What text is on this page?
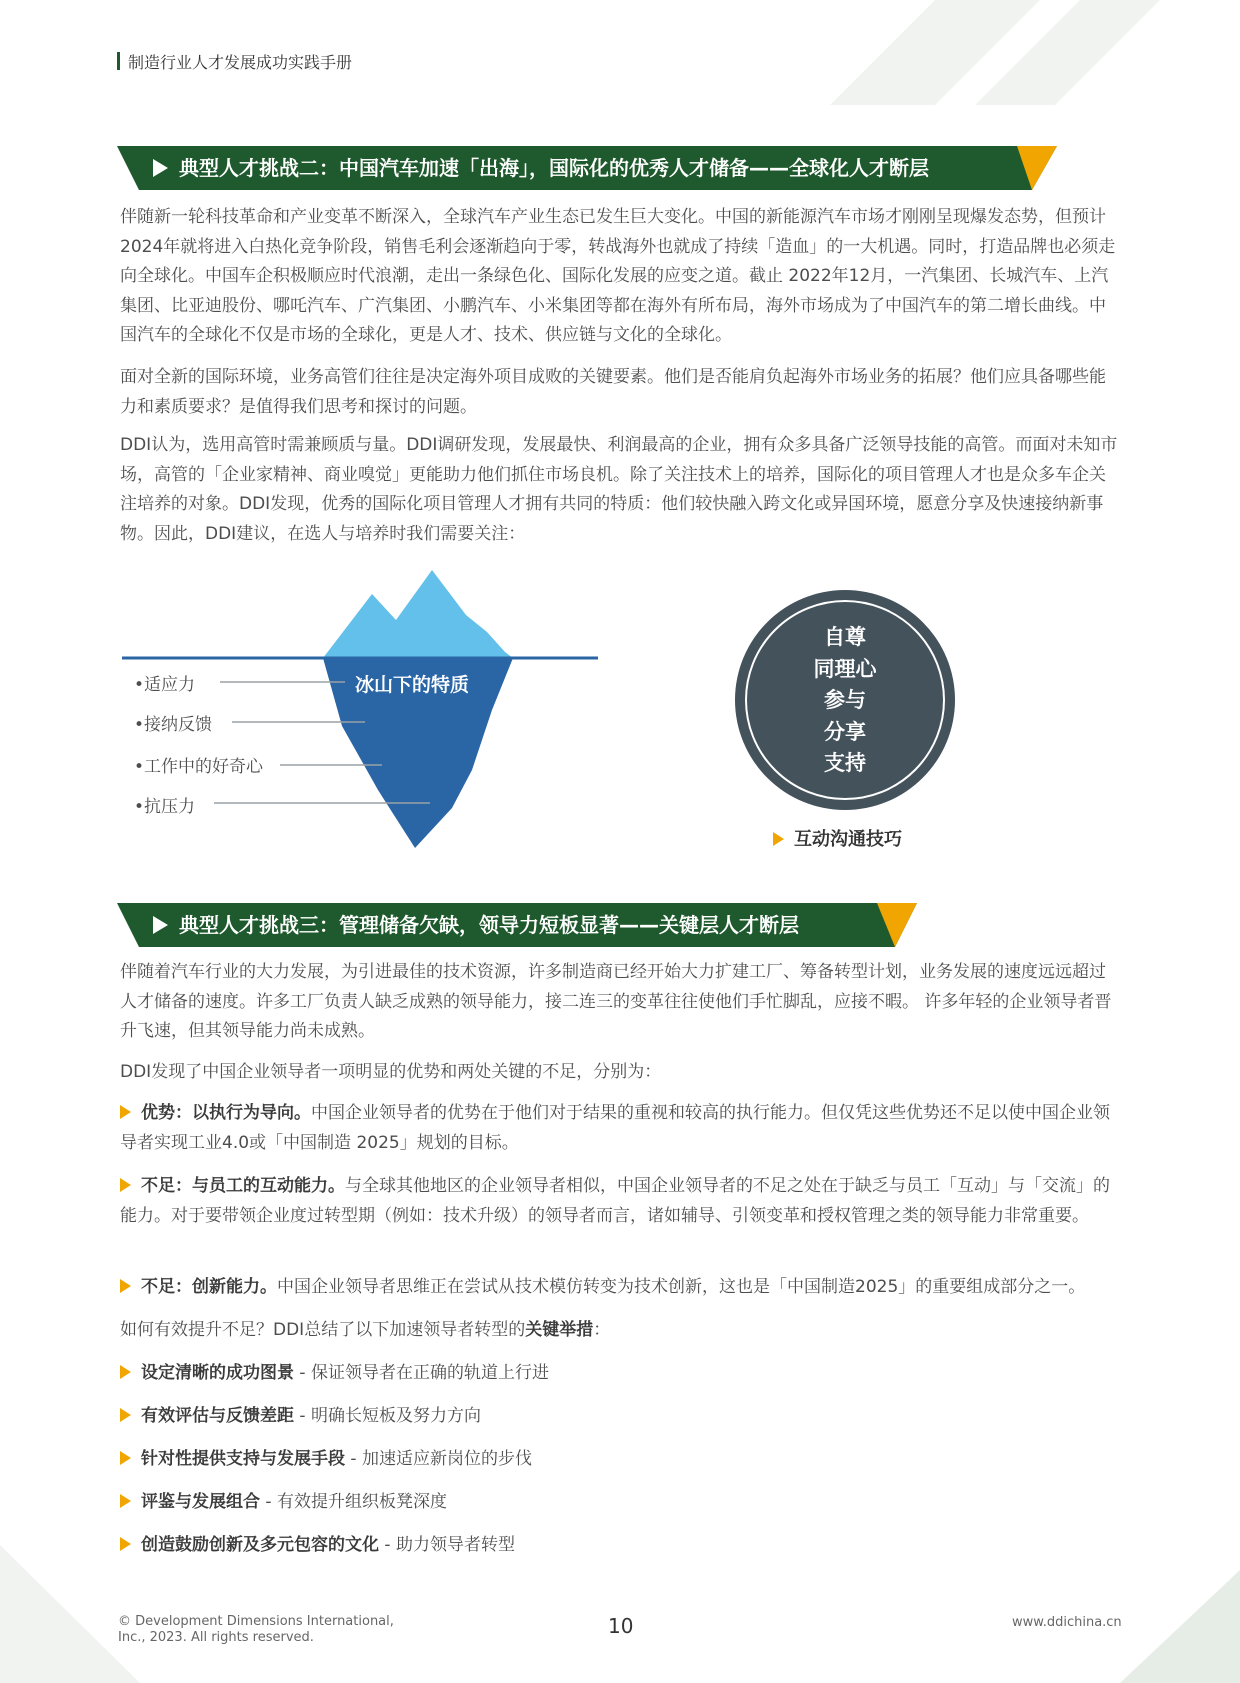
制造行业人才发展成功实践手册
典型人才挑战二：中国汽车加速「出海」，国际化的优秀人才储备——全球化人才断层

伴随新一轮科技革命和产业变革不断深入，全球汽车产业生态已发生巨大变化。中国的新能源汽车市场才刚刚呈现爆发态势，但预计2024年就将进入白热化竞争阶段，销售毛利会逐渐趋向于零，转战海外也就成了持续「造血」的一大机遇。同时，打造品牌也必须走向全球化。中国车企积极顺应时代浪潮，走出一条绿色化、国际化发展的应变之道。截止 2022年12月，一汽集团、长城汽车、上汽集团、比亚迪股份、哪吒汽车、广汽集团、小鹏汽车、小米集团等都在海外有所布局，海外市场成为了中国汽车的第二增长曲线。中国汽车的全球化不仅是市场的全球化，更是人才、技术、供应链与文化的全球化。

面对全新的国际环境，业务高管们往往是决定海外项目成败的关键要素。他们是否能肩负起海外市场业务的拓展？他们应具备哪些能力和素质要求？是值得我们思考和探讨的问题。

DDI认为，选用高管时需兼顾质与量。DDI调研发现，发展最快、利润最高的企业，拥有众多具备广泛领导技能的高管。而面对未知市场，高管的「企业家精神、商业嗅觉」更能助力他们抓住市场良机。除了关注技术上的培养，国际化的项目管理人才也是众多车企关注培养的对象。DDI发现，优秀的国际化项目管理人才拥有共同的特质：他们较快融入跨文化或异国环境，愿意分享及快速接纳新事物。因此，DDI建议，在选人与培养时我们需要关注：

冰山下的特质
•适应力
•接纳反馈
•工作中的好奇心
•抗压力
自尊
同理心
参与
分享
支持
互动沟通技巧
典型人才挑战三：管理储备欠缺，领导力短板显著——关键层人才断层

伴随着汽车行业的大力发展，为引进最佳的技术资源，许多制造商已经开始大力扩建工厂、筹备转型计划，业务发展的速度远远超过人才储备的速度。许多工厂负责人缺乏成熟的领导能力，接二连三的变革往往使他们手忙脚乱，应接不暇。 许多年轻的企业领导者晋升飞速，但其领导能力尚未成熟。

DDI发现了中国企业领导者一项明显的优势和两处关键的不足，分别为：

优势：以执行为导向。中国企业领导者的优势在于他们对于结果的重视和较高的执行能力。但仅凭这些优势还不足以使中国企业领导者实现工业4.0或「中国制造 2025」规划的目标。
不足：与员工的互动能力。与全球其他地区的企业领导者相似，中国企业领导者的不足之处在于缺乏与员工「互动」与「交流」的能力。对于要带领企业度过转型期（例如：技术升级）的领导者而言，诸如辅导、引领变革和授权管理之类的领导能力非常重要。
不足：创新能力。中国企业领导者思维正在尝试从技术模仿转变为技术创新，这也是「中国制造2025」的重要组成部分之一。
如何有效提升不足？DDI总结了以下加速领导者转型的关键举措：
设定清晰的成功图景 - 保证领导者在正确的轨道上行进
有效评估与反馈差距 - 明确长短板及努力方向
针对性提供支持与发展手段 - 加速适应新岗位的步伐
评鉴与发展组合 - 有效提升组织板凳深度
创造鼓励创新及多元包容的文化 - 助力领导者转型
© Development Dimensions International,
Inc., 2023. All rights reserved.	10	www.ddichina.cn
